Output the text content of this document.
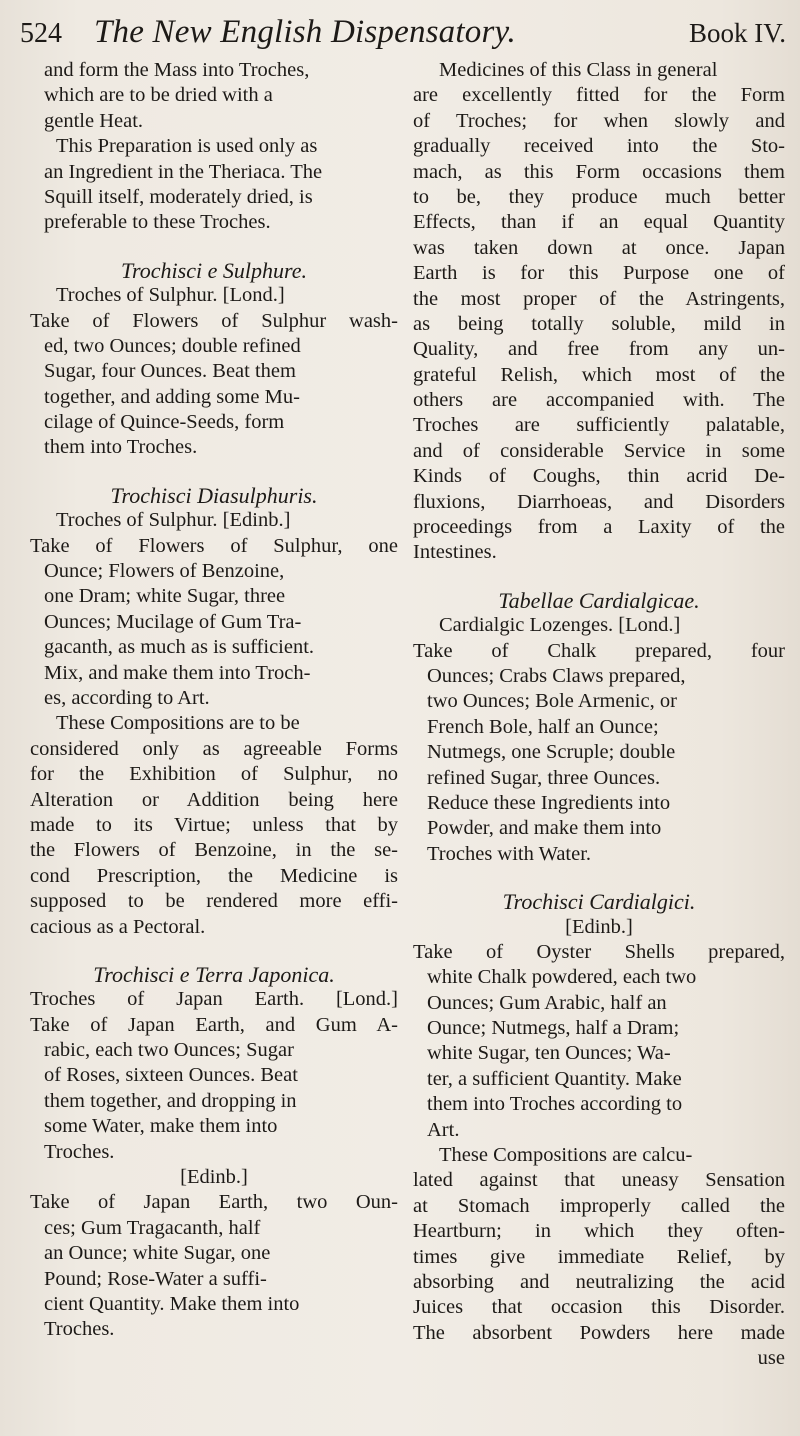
524 The New English Dispensatory.	Book IV.
and form the Mass into Troches,
which are to be dried with a
gentle Heat.
This Preparation is used only as
an Ingredient in the Theriaca. The
Squill itself, moderately dried, is
preferable to these Troches.
Trochisci e Sulphure.
Troches of Sulphur. [Lond.]
Take of Flowers of Sulphur wash-
ed, two Ounces; double refined
Sugar, four Ounces. Beat them
together, and adding some Mu-
cilage of Quince-Seeds, form
them into Troches.
Trochisci Diasulphuris.
Troches of Sulphur. [Edinb.]
Take of Flowers of Sulphur, one
Ounce; Flowers of Benzoine,
one Dram; white Sugar, three
Ounces; Mucilage of Gum Tra-
gacanth, as much as is sufficient.
Mix, and make them into Troch-
es, according to Art.
These Compositions are to be
considered only as agreeable Forms
for the Exhibition of Sulphur, no
Alteration or Addition being here
made to its Virtue; unless that by
the Flowers of Benzoine, in the se-
cond Prescription, the Medicine is
supposed to be rendered more effi-
cacious as a Pectoral.
Trochisci e Terra Japonica.
Troches of Japan Earth. [Lond.]
Take of Japan Earth, and Gum A-
rabic, each two Ounces; Sugar
of Roses, sixteen Ounces. Beat
them together, and dropping in
some Water, make them into
Troches.
[Edinb.]
Take of Japan Earth, two Oun-
ces; Gum Tragacanth, half
an Ounce; white Sugar, one
Pound; Rose-Water a suffi-
cient Quantity. Make them into
Troches.
Medicines of this Class in general
are excellently fitted for the Form
of Troches; for when slowly and
gradually received into the Sto-
mach, as this Form occasions them
to be, they produce much better
Effects, than if an equal Quantity
was taken down at once. Japan
Earth is for this Purpose one of
the most proper of the Astringents,
as being totally soluble, mild in
Quality, and free from any un-
grateful Relish, which most of the
others are accompanied with. The
Troches are sufficiently palatable,
and of considerable Service in some
Kinds of Coughs, thin acrid De-
fluxions, Diarrhoeas, and Disorders
proceedings from a Laxity of the
Intestines.
Tabellae Cardialgicae.
Cardialgic Lozenges. [Lond.]
Take of Chalk prepared, four
Ounces; Crabs Claws prepared,
two Ounces; Bole Armenic, or
French Bole, half an Ounce;
Nutmegs, one Scruple; double
refined Sugar, three Ounces.
Reduce these Ingredients into
Powder, and make them into
Troches with Water.
Trochisci Cardialgici.
[Edinb.]
Take of Oyster Shells prepared,
white Chalk powdered, each two
Ounces; Gum Arabic, half an
Ounce; Nutmegs, half a Dram;
white Sugar, ten Ounces; Wa-
ter, a sufficient Quantity. Make
them into Troches according to
Art.
These Compositions are calcu-
lated against that uneasy Sensation
at Stomach improperly called the
Heartburn; in which they often-
times give immediate Relief, by
absorbing and neutralizing the acid
Juices that occasion this Disorder.
The absorbent Powders here made
use
